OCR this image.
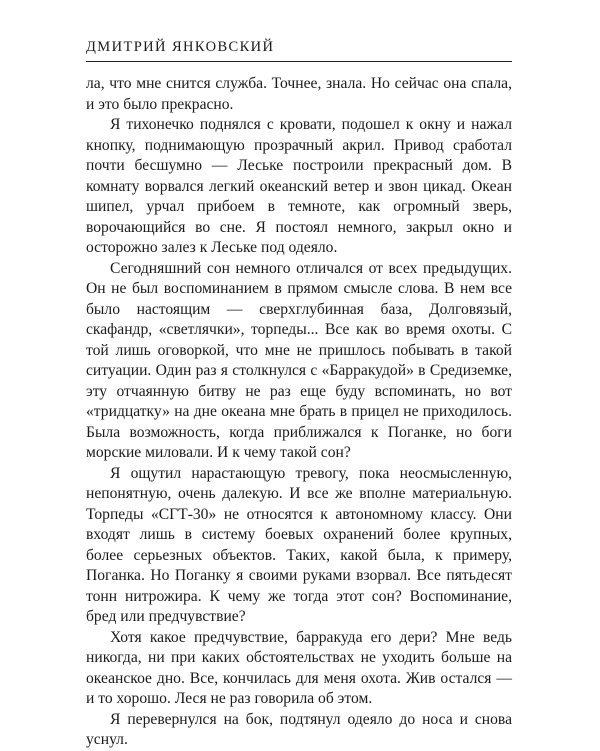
ДМИТРИЙ ЯНКОВСКИЙ

ла, что мне снится служба. Точнее, знала. Но сейчас она спала, и это было прекрасно.

Я тихонечко поднялся с кровати, подошел к окну и нажал кнопку, поднимающую прозрачный акрил. Привод сработал почти бесшумно — Леське построили прекрасный дом. В комнату ворвался легкий океанский ветер и звон цикад. Океан шипел, урчал прибоем в темноте, как огромный зверь, ворочающийся во сне. Я постоял немного, закрыл окно и осторожно залез к Леське под одеяло.

Сегодняшний сон немного отличался от всех предыдущих. Он не был воспоминанием в прямом смысле слова. В нем все было настоящим — сверхглубинная база, Долговязый, скафандр, «светлячки», торпеды... Все как во время охоты. С той лишь оговоркой, что мне не пришлось побывать в такой ситуации. Один раз я столкнулся с «Барракудой» в Средиземке, эту отчаянную битву не раз еще буду вспоминать, но вот «тридцатку» на дне океана мне брать в прицел не приходилось. Была возможность, когда приближался к Поганке, но боги морские миловали. И к чему такой сон?

Я ощутил нарастающую тревогу, пока неосмысленную, непонятную, очень далекую. И все же вполне материальную. Торпеды «СГТ-30» не относятся к автономному классу. Они входят лишь в систему боевых охранений более крупных, более серьезных объектов. Таких, какой была, к примеру, Поганка. Но Поганку я своими руками взорвал. Все пятьдесят тонн нитрожира. К чему же тогда этот сон? Воспоминание, бред или предчувствие?

Хотя какое предчувствие, барракуда его дери? Мне ведь никогда, ни при каких обстоятельствах не уходить больше на океанское дно. Все, кончилась для меня охота. Жив остался — и то хорошо. Леся не раз говорила об этом.

Я перевернулся на бок, подтянул одеяло до носа и снова уснул.
